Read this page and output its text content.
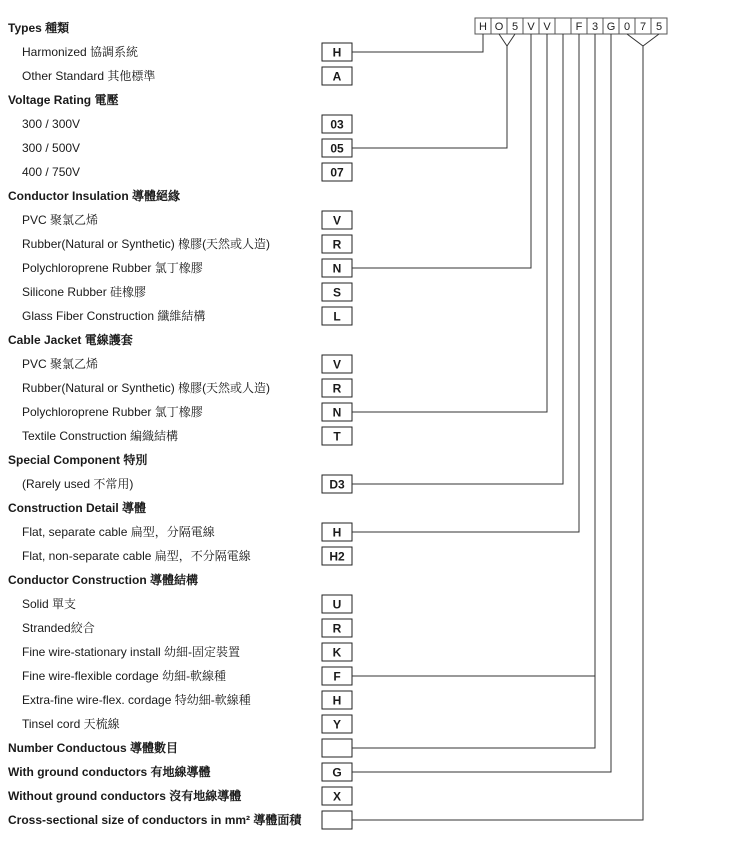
H O 5 V V F 3 G 0 7 5
Types 種類
Harmonized 協調系統	H
Other Standard 其他標準	A
Voltage Rating 電壓
300 / 300V	03
300 / 500V	05
400 / 750V	07
Conductor Insulation 導體絕緣
PVC 聚氯乙烯	V
Rubber(Natural or Synthetic) 橡膠(天然或人造)	R
Polychloroprene Rubber 氯丁橡膠	N
Silicone Rubber 硅橡膠	S
Glass Fiber Construction 纖維結構	L
Cable Jacket 電線護套
PVC 聚氯乙烯	V
Rubber(Natural or Synthetic) 橡膠(天然或人造)	R
Polychloroprene Rubber 氯丁橡膠	N
Textile Construction 編織結構	T
Special Component 特別
(Rarely used 不常用)	D3
Construction Detail 導體
Flat, separate cable 扁型，分隔電線	H
Flat, non-separate cable 扁型，不分隔電線	H2
Conductor Construction 導體結構
Solid 單支	U
Stranded絞合	R
Fine wire-stationary install 幼細-固定裝置	K
Fine wire-flexible cordage 幼細-軟線種	F
Extra-fine wire-flex. cordage 特幼細-軟線種	H
Tinsel cord 天梳線	Y
Number Conductous 導體數目
With ground conductors 有地線導體	G
Without ground conductors 沒有地線導體	X
Cross-sectional size of conductors in mm² 導體面積
